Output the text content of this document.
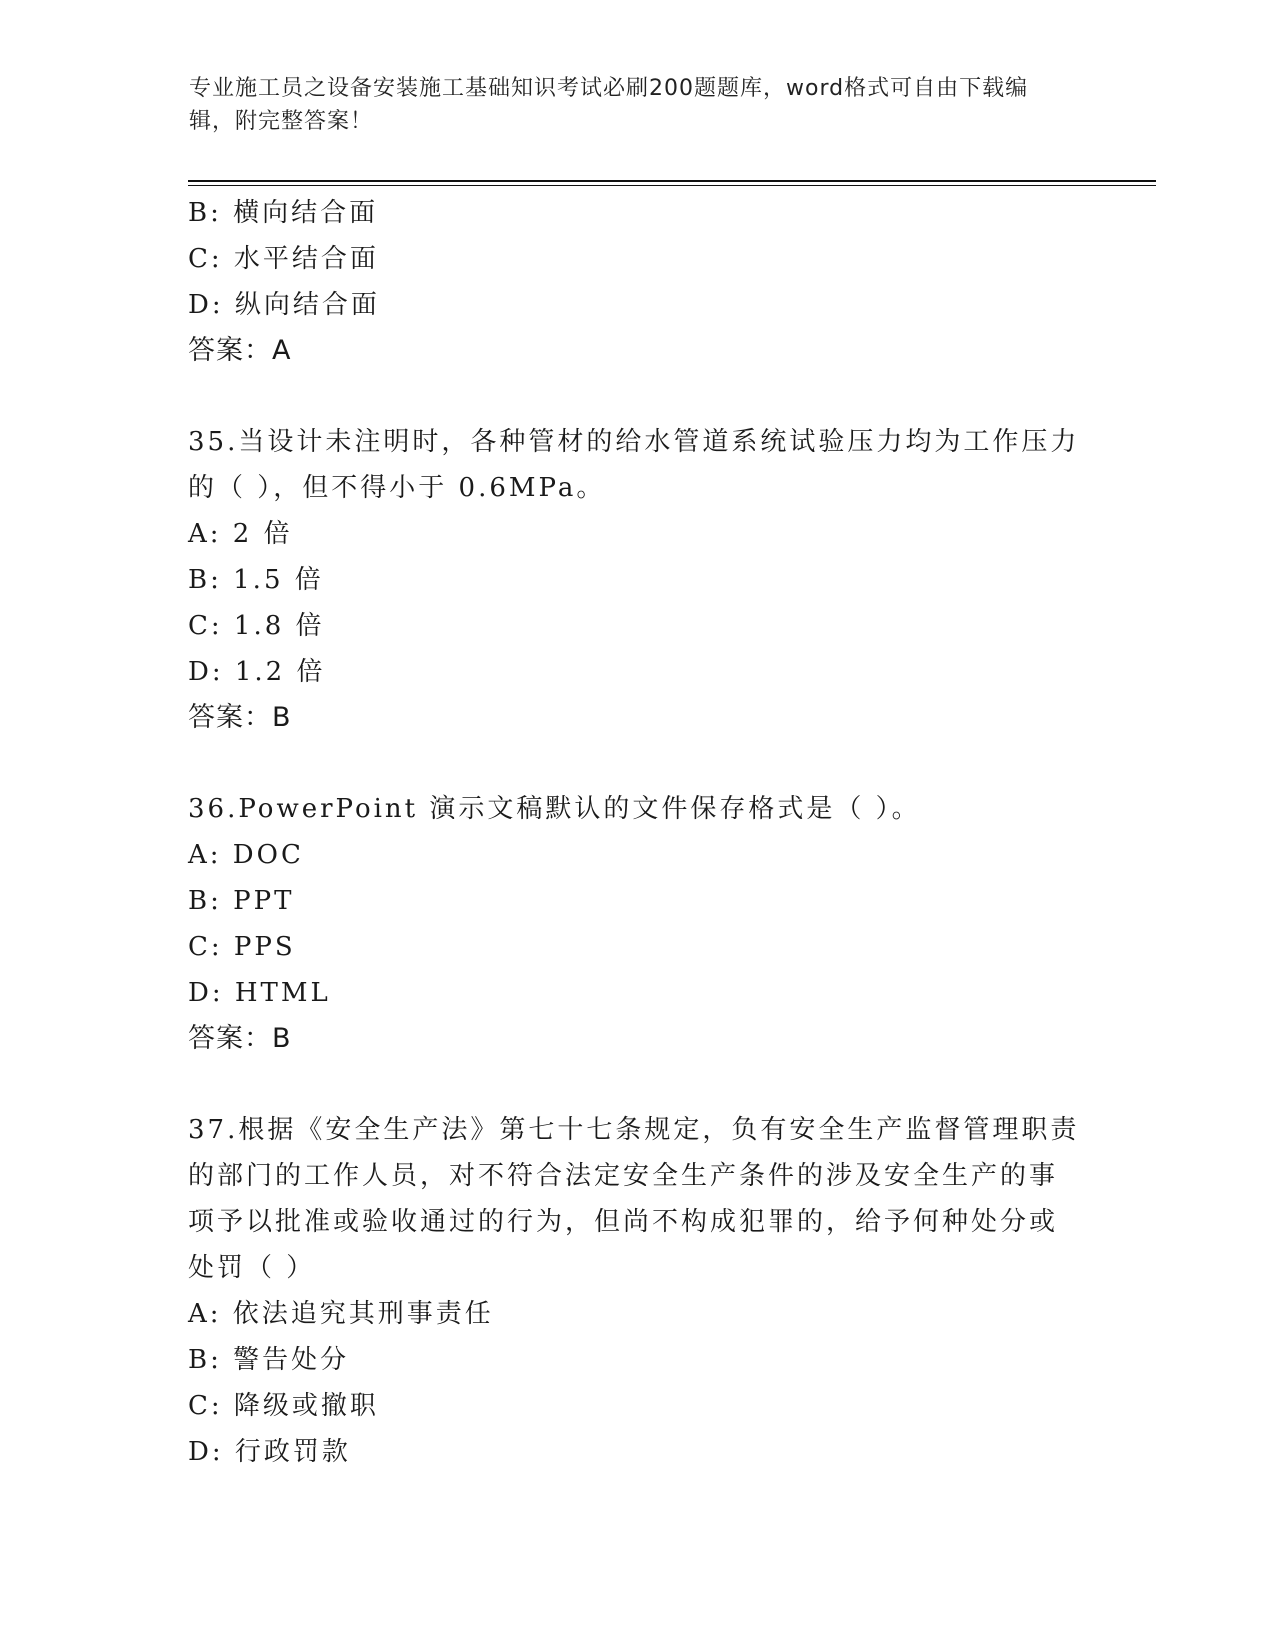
专业施工员之设备安装施工基础知识考试必刷200题题库，word格式可自由下载编辑，附完整答案！
B: 横向结合面
C: 水平结合面
D: 纵向结合面
答案：A
35.当设计未注明时，各种管材的给水管道系统试验压力均为工作压力
的（ ），但不得小于 0.6MPa。
A: 2 倍
B: 1.5 倍
C: 1.8 倍
D: 1.2 倍
答案：B
36.PowerPoint 演示文稿默认的文件保存格式是（ ）。
A: DOC
B: PPT
C: PPS
D: HTML
答案：B
37.根据《安全生产法》第七十七条规定，负有安全生产监督管理职责
的部门的工作人员，对不符合法定安全生产条件的涉及安全生产的事
项予以批准或验收通过的行为，但尚不构成犯罪的，给予何种处分或
处罚（ ）
A: 依法追究其刑事责任
B: 警告处分
C: 降级或撤职
D: 行政罚款
